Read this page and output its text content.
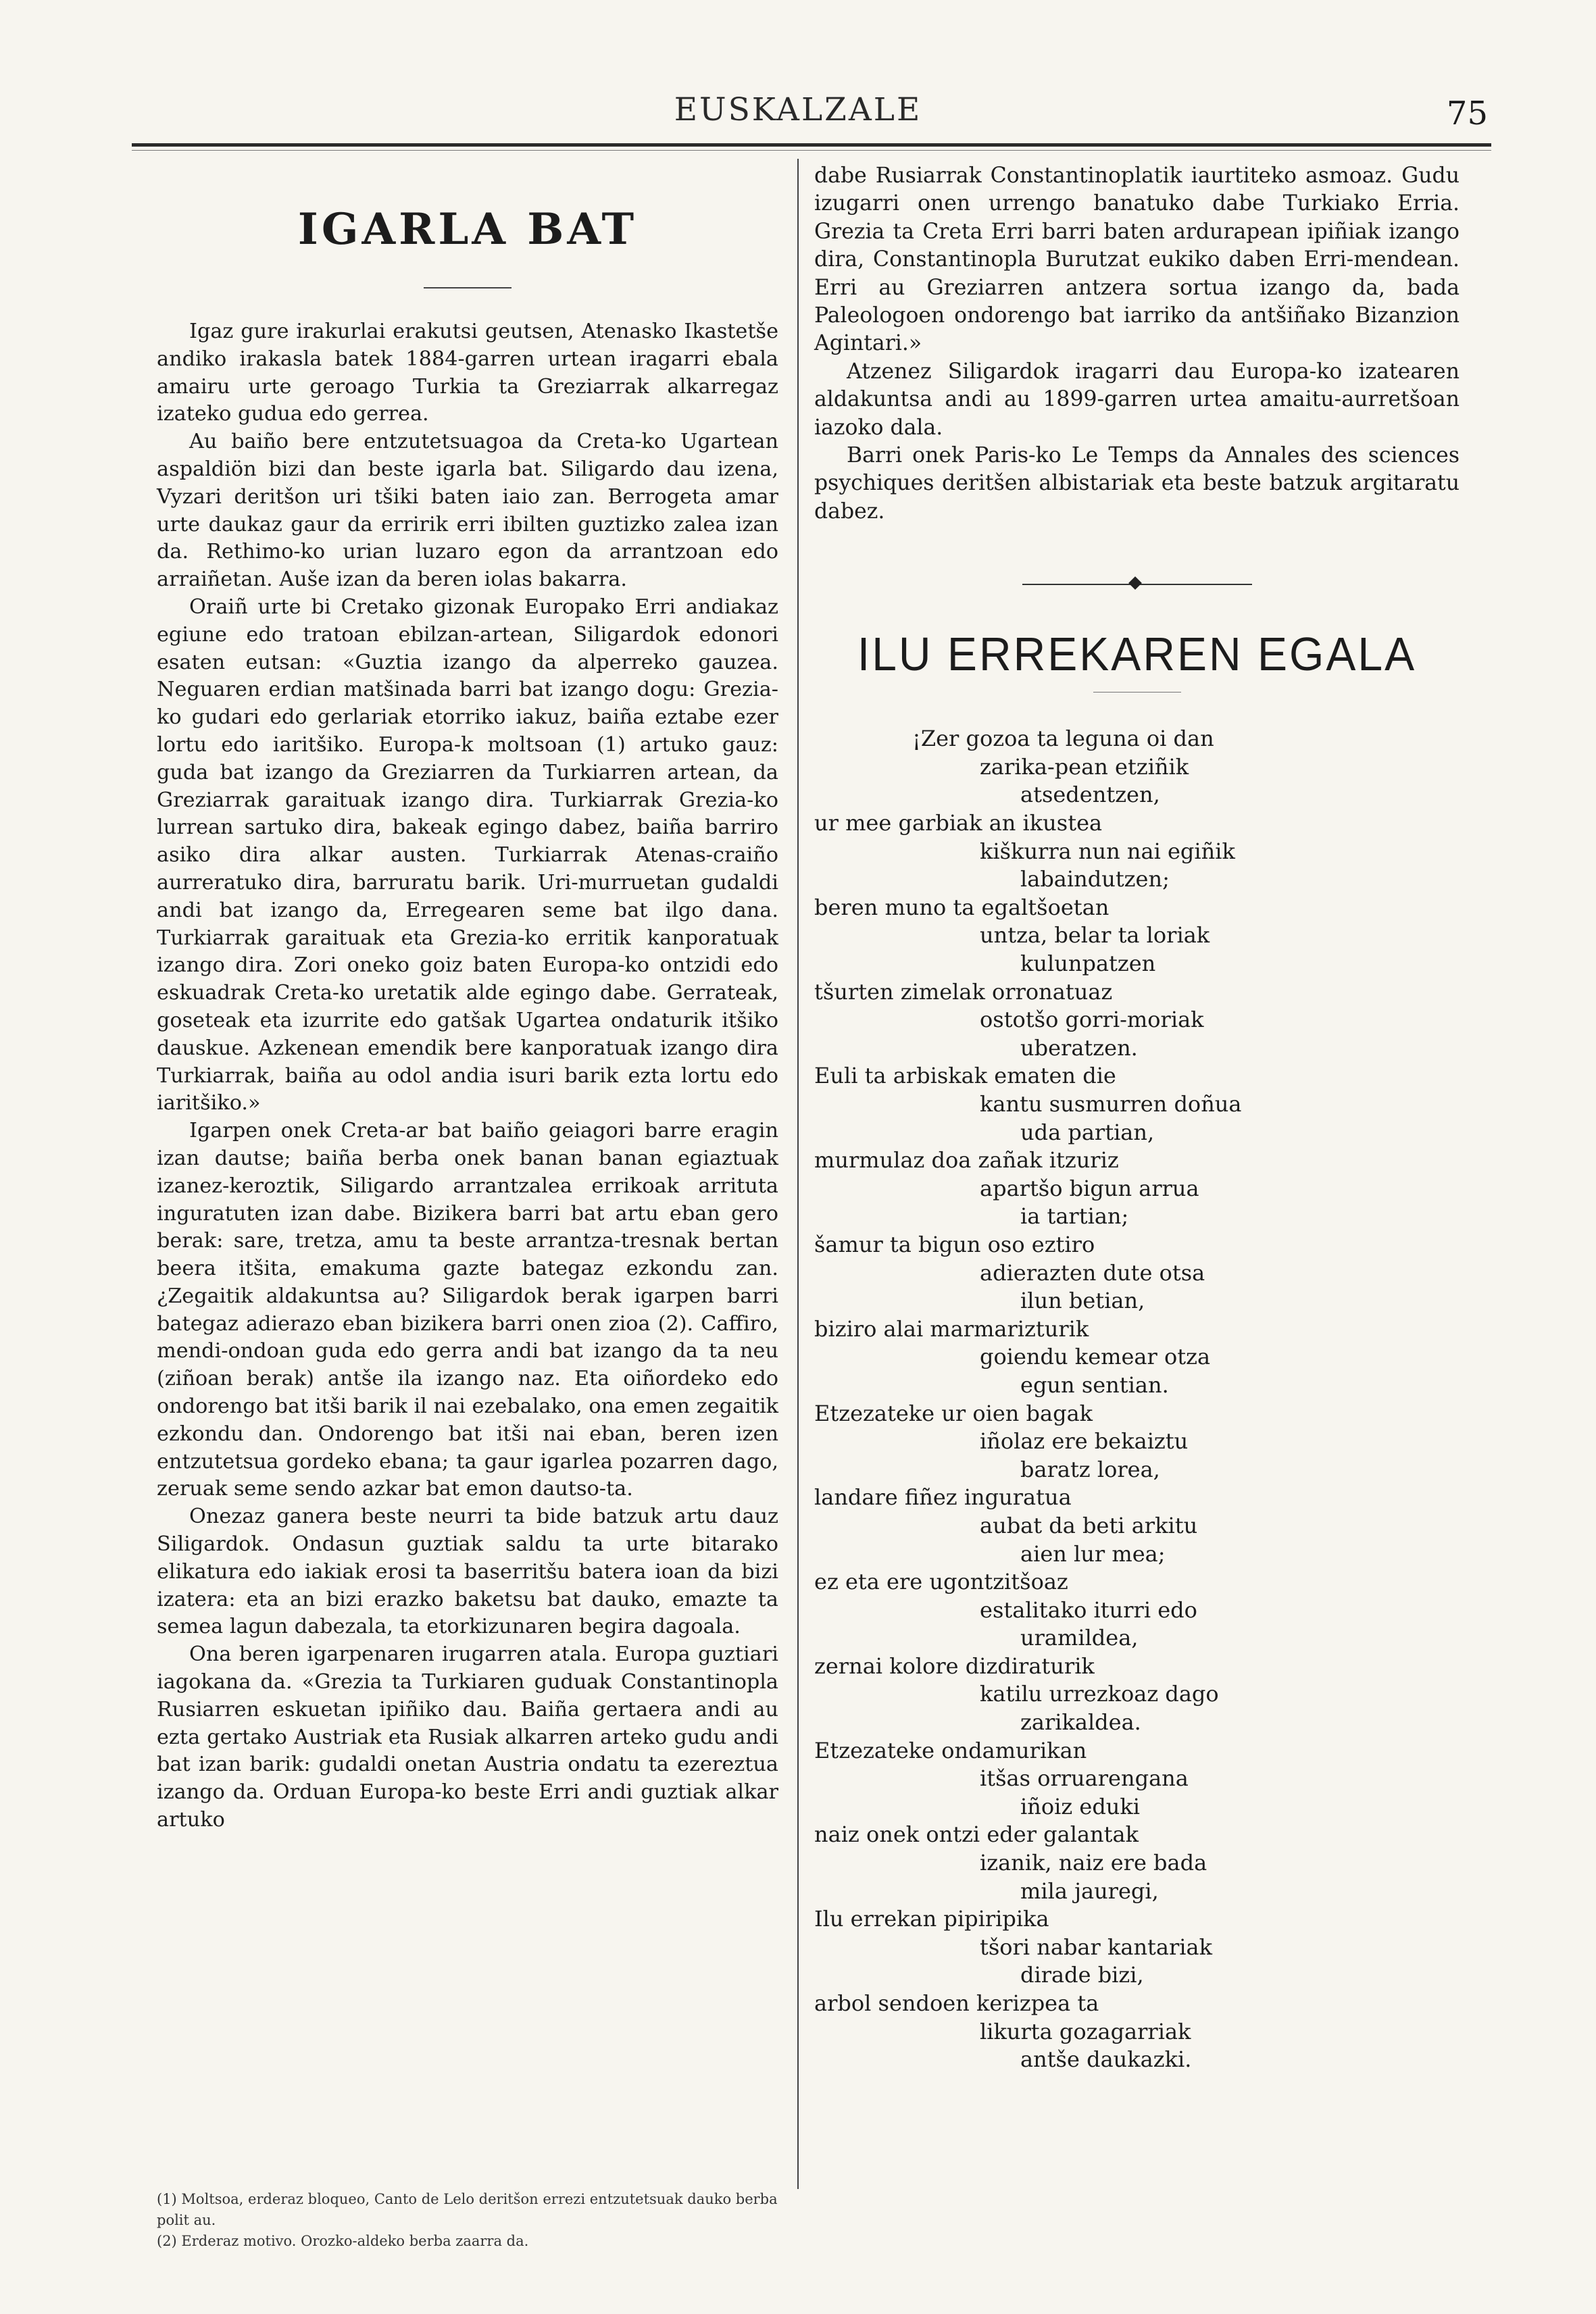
EUSKALZALE	75
IGARLA BAT

Igaz gure irakurlai erakutsi geutsen, Atenasko Ikastetše andiko irakasla batek 1884-garren urtean iragarri ebala amairu urte geroago Turkia ta Greziarrak alkarregaz izateko gudua edo gerrea.

Au baiño bere entzutetsuagoa da Creta-ko Ugartean aspaldiön bizi dan beste igarla bat. Siligardo dau izena, Vyzari deritšon uri tšiki baten iaio zan. Berrogeta amar urte daukaz gaur da erririk erri ibilten guztizko zalea izan da. Rethimo-ko urian luzaro egon da arrantzoan edo arraiñetan. Auše izan da beren iolas bakarra.

Oraiñ urte bi Cretako gizonak Europako Erri andiakaz egiune edo tratoan ebilzan-artean, Siligardok edonori esaten eutsan: «Guztia izango da alperreko gauzea. Neguaren erdian matšinada barri bat izango dogu: Grezia-ko gudari edo gerlariak etorriko iakuz, baiña eztabe ezer lortu edo iaritšiko. Europa-k moltsoan (1) artuko gauz: guda bat izango da Greziarren da Turkiarren artean, da Greziarrak garaituak izango dira. Turkiarrak Grezia-ko lurrean sartuko dira, bakeak egingo dabez, baiña barriro asiko dira alkar austen. Turkiarrak Atenas-craiño aurreratuko dira, barruratu barik. Uri-murruetan gudaldi andi bat izango da, Erregearen seme bat ilgo dana. Turkiarrak garaituak eta Grezia-ko erritik kanporatuak izango dira. Zori oneko goiz baten Europa-ko ontzidi edo eskuadrak Creta-ko uretatik alde egingo dabe. Gerrateak, goseteak eta izurrite edo gatšak Ugartea ondaturik itšiko dauskue. Azkenean emendik bere kanporatuak izango dira Turkiarrak, baiña au odol andia isuri barik ezta lortu edo iaritšiko.»

Igarpen onek Creta-ar bat baiño geiagori barre eragin izan dautse; baiña berba onek banan banan egiaztuak izanez-keroztik, Siligardo arrantzalea errikoak arrituta inguratuten izan dabe. Bizikera barri bat artu eban gero berak: sare, tretza, amu ta beste arrantza-tresnak bertan beera itšita, emakuma gazte bategaz ezkondu zan. ¿Zegaitik aldakuntsa au? Siligardok berak igarpen barri bategaz adierazo eban bizikera barri onen zioa (2). Caffiro, mendi-ondoan guda edo gerra andi bat izango da ta neu (ziñoan berak) antše ila izango naz. Eta oiñordeko edo ondorengo bat itši barik il nai ezebalako, ona emen zegaitik ezkondu dan. Ondorengo bat itši nai eban, beren izen entzutetsua gordeko ebana; ta gaur igarlea pozarren dago, zeruak seme sendo azkar bat emon dautso-ta.

Onezaz ganera beste neurri ta bide batzuk artu dauz Siligardok. Ondasun guztiak saldu ta urte bitarako elikatura edo iakiak erosi ta baserritšu batera ioan da bizi izatera: eta an bizi erazko baketsu bat dauko, emazte ta semea lagun dabezala, ta etorkizunaren begira dagoala.

Ona beren igarpenaren irugarren atala. Europa guztiari iagokana da. «Grezia ta Turkiaren guduak Constantinopla Rusiarren eskuetan ipiñiko dau. Baiña gertaera andi au ezta gertako Austriak eta Rusiak alkarren arteko gudu andi bat izan barik: gudaldi onetan Austria ondatu ta ezereztua izango da. Orduan Europa-ko beste Erri andi guztiak alkar artuko

(1) Moltsoa, erderaz bloqueo, Canto de Lelo deritšon errezi entzutetsuak dauko berba polit au.

(2) Erderaz motivo. Orozko-aldeko berba zaarra da.

dabe Rusiarrak Constantinoplatik iaurtiteko asmoaz. Gudu izugarri onen urrengo banatuko dabe Turkiako Erria. Grezia ta Creta Erri barri baten ardurapean ipiñiak izango dira, Constantinopla Burutzat eukiko daben Erri-mendean. Erri au Greziarren antzera sortua izango da, bada Paleologoen ondorengo bat iarriko da antšiñako Bizanzion Agintari.»

Atzenez Siligardok iragarri dau Europa-ko izatearen aldakuntsa andi au 1899-garren urtea amaitu-aurretšoan iazoko dala.

Barri onek Paris-ko Le Temps da Annales des sciences psychiques deritšen albistariak eta beste batzuk argitaratu dabez.

ILU ERREKAREN EGALA
¡Zer gozoa ta leguna oi dan
zarika-pean etziñik
atsedentzen,
ur mee garbiak an ikustea
kiškurra nun nai egiñik
labaindutzen;
beren muno ta egaltšoetan
untza, belar ta loriak
kulunpatzen
tšurten zimelak orronatuaz
ostotšo gorri-moriak
uberatzen.
Euli ta arbiskak ematen die
kantu susmurren doñua
uda partian,
murmulaz doa zañak itzuriz
apartšo bigun arrua
ia tartian;
šamur ta bigun oso eztiro
adierazten dute otsa
ilun betian,
biziro alai marmarizturik
goiendu kemear otza
egun sentian.
Etzezateke ur oien bagak
iñolaz ere bekaiztu
baratz lorea,
landare fiñez inguratua
aubat da beti arkitu
aien lur mea;
ez eta ere ugontzitšoaz
estalitako iturri edo
uramildea,
zernai kolore dizdiraturik
katilu urrezkoaz dago
zarikaldea.
Etzezateke ondamurikan
itšas orruarengana
iñoiz eduki
naiz onek ontzi eder galantak
izanik, naiz ere bada
mila jauregi,
Ilu errekan pipiripika
tšori nabar kantariak
dirade bizi,
arbol sendoen kerizpea ta
likurta gozagarriak
antše daukazki.
